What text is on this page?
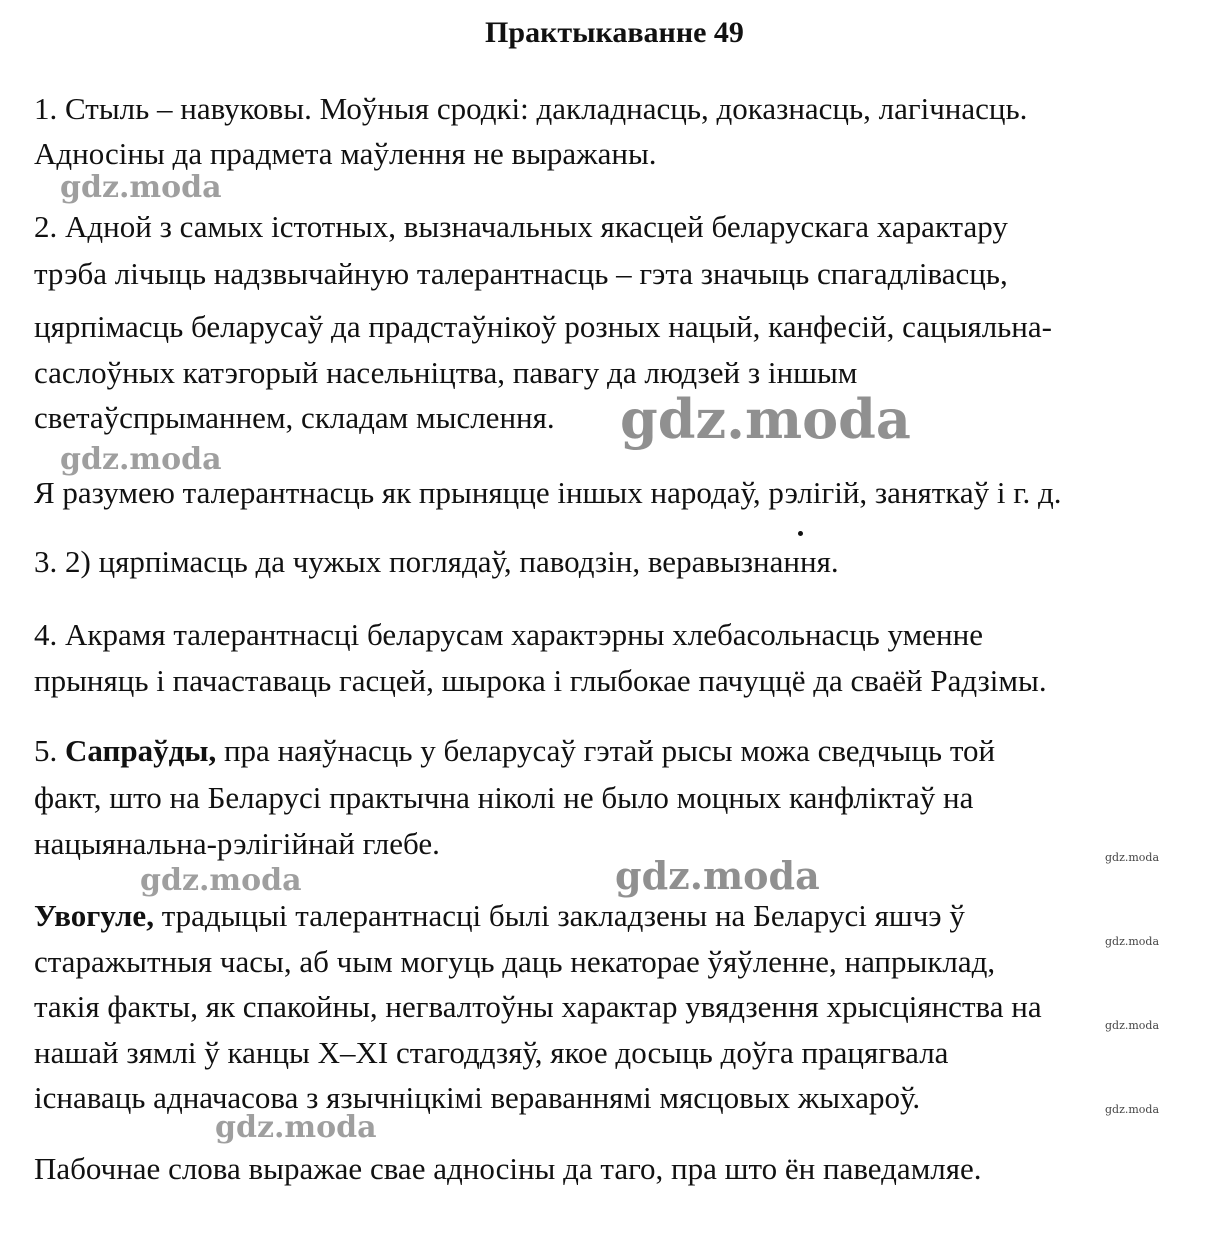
Практыкаванне 49
1. Стыль – навуковы. Моўныя сродкі: дакладнасць, доказнасць, лагічнасць.
Адносіны да прадмета маўлення не выражаны.
2. Адной з самых істотных, вызначальных якасцей беларускага характару
трэба лічыць надзвычайную талерантнасць – гэта значыць спагадлівасць,
цярпімасць беларусаў да прадстаўнікоў розных нацый, канфесій, сацыяльна-
саслоўных катэгорый насельніцтва, павагу да людзей з іншым
светаўспрыманнем, складам мыслення.
Я разумею талерантнасць як прыняцце іншых народаў, рэлігій, заняткаў і г. д.
3. 2) цярпімасць да чужых поглядаў, паводзін, веравызнання.
4. Акрамя талерантнасці беларусам характэрны хлебасольнасць уменне
прыняць і пачаставаць гасцей, шырока і глыбокае пачуццё да сваёй Радзімы.
5. Сапраўды, пра наяўнасць у беларусаў гэтай рысы можа сведчыць той
факт, што на Беларусі практычна ніколі не было моцных канфліктаў на
нацыянальна-рэлігійнай глебе.
Увогуле, традыцыі талерантнасці былі закладзены на Беларусі яшчэ ў
старажытныя часы, аб чым могуць даць некаторае ўяўленне, напрыклад,
такія факты, як спакойны, негвалтоўны характар увядзення хрысціянства на
нашай зямлі ў канцы X–XI стагоддзяў, якое досыць доўга працягвала
існаваць адначасова з язычніцкімі вераваннямі мясцовых жыхароў.
Пабочнае слова выражае свае адносіны да таго, пра што ён паведамляе.
gdz.moda
gdz.moda
gdz.moda
gdz.moda	gdz.moda
gdz.moda
gdz.moda
gdz.moda
gdz.moda
gdz.moda
